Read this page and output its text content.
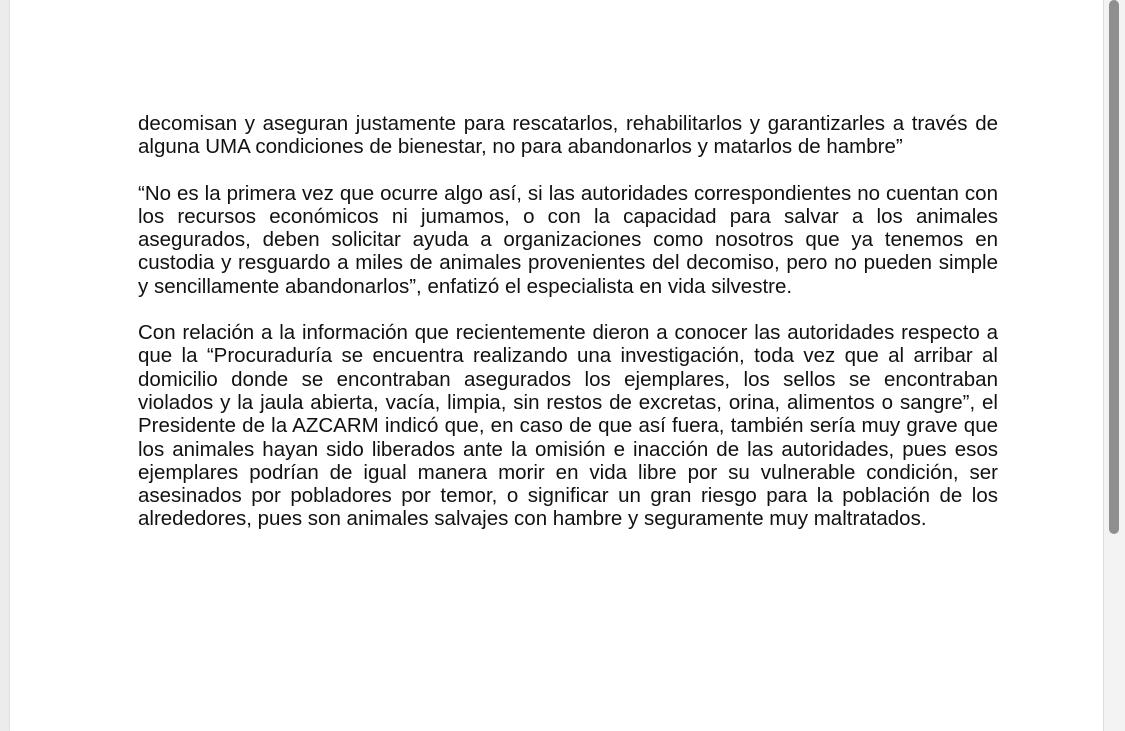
decomisan y aseguran justamente para rescatarlos, rehabilitarlos y garantizarles a través de alguna UMA condiciones de bienestar, no para abandonarlos y matarlos de hambre”

“No es la primera vez que ocurre algo así, si las autoridades correspondientes no cuentan con los recursos económicos ni jumamos, o con la capacidad para salvar a los animales asegurados, deben solicitar ayuda a organizaciones como nosotros que ya tenemos en custodia y resguardo a miles de animales provenientes del decomiso, pero no pueden simple y sencillamente abandonarlos”, enfatizó el especialista en vida silvestre.

Con relación a la información que recientemente dieron a conocer las autoridades respecto a que la “Procuraduría se encuentra realizando una investigación, toda vez que al arribar al domicilio donde se encontraban asegurados los ejemplares, los sellos se encontraban violados y la jaula abierta, vacía, limpia, sin restos de excretas, orina, alimentos o sangre”, el Presidente de la AZCARM indicó que, en caso de que así fuera, también sería muy grave que los animales hayan sido liberados ante la omisión e inacción de las autoridades, pues esos ejemplares podrían de igual manera morir en vida libre por su vulnerable condición, ser asesinados por pobladores por temor, o significar un gran riesgo para la población de los alrededores, pues son animales salvajes con hambre y seguramente muy maltratados.
